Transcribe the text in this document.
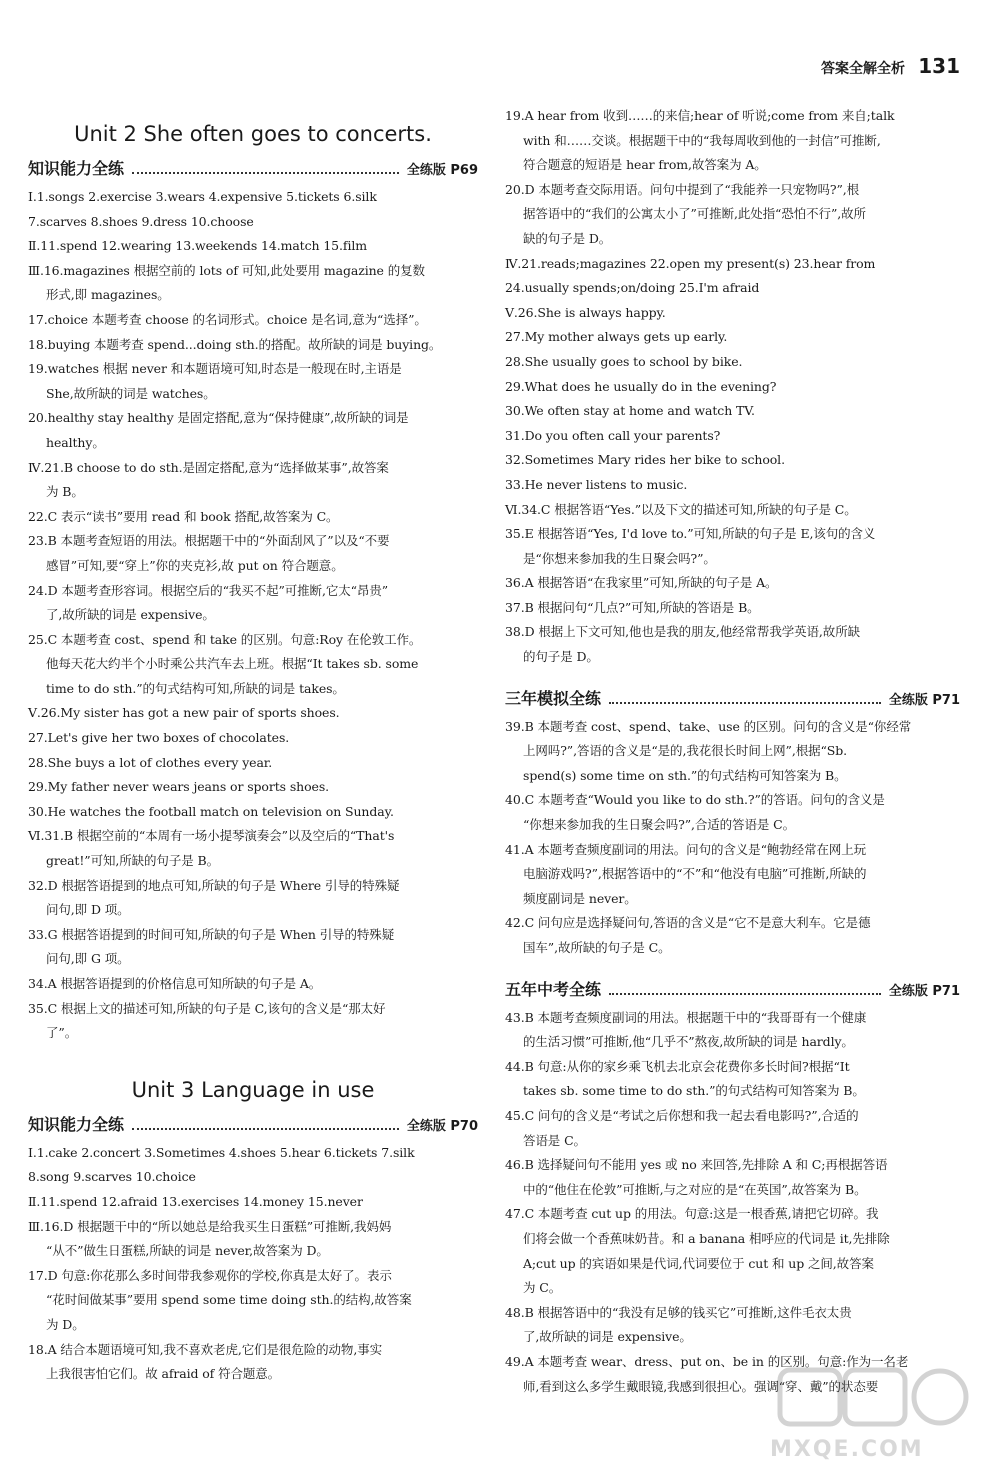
答案全解全析 131
Unit 2 She often goes to concerts.
知识能力全练	全练版 P69
Ⅰ.1.songs 2.exercise 3.wears 4.expensive 5.tickets 6.silk
7.scarves 8.shoes 9.dress 10.choose
Ⅱ.11.spend 12.wearing 13.weekends 14.match 15.film
Ⅲ.16.magazines 根据空前的 lots of 可知,此处要用 magazine 的复数
形式,即 magazines。
17.choice 本题考查 choose 的名词形式。choice 是名词,意为“选择”。
18.buying 本题考查 spend...doing sth.的搭配。故所缺的词是 buying。
19.watches 根据 never 和本题语境可知,时态是一般现在时,主语是
She,故所缺的词是 watches。
20.healthy stay healthy 是固定搭配,意为“保持健康”,故所缺的词是
healthy。
Ⅳ.21.B choose to do sth.是固定搭配,意为“选择做某事”,故答案
为 B。
22.C 表示“读书”要用 read 和 book 搭配,故答案为 C。
23.B 本题考查短语的用法。根据题干中的“外面刮风了”以及“不要
感冒”可知,要“穿上”你的夹克衫,故 put on 符合题意。
24.D 本题考查形容词。根据空后的“我买不起”可推断,它太“昂贵”
了,故所缺的词是 expensive。
25.C 本题考查 cost、spend 和 take 的区别。句意:Roy 在伦敦工作。
他每天花大约半个小时乘公共汽车去上班。根据“It takes sb. some
time to do sth.”的句式结构可知,所缺的词是 takes。
Ⅴ.26.My sister has got a new pair of sports shoes.
27.Let's give her two boxes of chocolates.
28.She buys a lot of clothes every year.
29.My father never wears jeans or sports shoes.
30.He watches the football match on television on Sunday.
Ⅵ.31.B 根据空前的“本周有一场小提琴演奏会”以及空后的“That's
great!”可知,所缺的句子是 B。
32.D 根据答语提到的地点可知,所缺的句子是 Where 引导的特殊疑
问句,即 D 项。
33.G 根据答语提到的时间可知,所缺的句子是 When 引导的特殊疑
问句,即 G 项。
34.A 根据答语提到的价格信息可知所缺的句子是 A。
35.C 根据上文的描述可知,所缺的句子是 C,该句的含义是“那太好
了”。
Unit 3 Language in use
知识能力全练	全练版 P70
Ⅰ.1.cake 2.concert 3.Sometimes 4.shoes 5.hear 6.tickets 7.silk
8.song 9.scarves 10.choice
Ⅱ.11.spend 12.afraid 13.exercises 14.money 15.never
Ⅲ.16.D 根据题干中的“所以她总是给我买生日蛋糕”可推断,我妈妈
“从不”做生日蛋糕,所缺的词是 never,故答案为 D。
17.D 句意:你花那么多时间带我参观你的学校,你真是太好了。表示
“花时间做某事”要用 spend some time doing sth.的结构,故答案
为 D。
18.A 结合本题语境可知,我不喜欢老虎,它们是很危险的动物,事实
上我很害怕它们。故 afraid of 符合题意。
19.A hear from 收到……的来信;hear of 听说;come from 来自;talk
with 和……交谈。根据题干中的“我每周收到他的一封信”可推断,
符合题意的短语是 hear from,故答案为 A。
20.D 本题考查交际用语。问句中提到了“我能养一只宠物吗?”,根
据答语中的“我们的公寓太小了”可推断,此处指“恐怕不行”,故所
缺的句子是 D。
Ⅳ.21.reads;magazines 22.open my present(s) 23.hear from
24.usually spends;on/doing 25.I'm afraid
Ⅴ.26.She is always happy.
27.My mother always gets up early.
28.She usually goes to school by bike.
29.What does he usually do in the evening?
30.We often stay at home and watch TV.
31.Do you often call your parents?
32.Sometimes Mary rides her bike to school.
33.He never listens to music.
Ⅵ.34.C 根据答语“Yes.”以及下文的描述可知,所缺的句子是 C。
35.E 根据答语“Yes, I'd love to.”可知,所缺的句子是 E,该句的含义
是“你想来参加我的生日聚会吗?”。
36.A 根据答语“在我家里”可知,所缺的句子是 A。
37.B 根据问句“几点?”可知,所缺的答语是 B。
38.D 根据上下文可知,他也是我的朋友,他经常帮我学英语,故所缺
的句子是 D。
三年模拟全练	全练版 P71
39.B 本题考查 cost、spend、take、use 的区别。问句的含义是“你经常
上网吗?”,答语的含义是“是的,我花很长时间上网”,根据“Sb.
spend(s) some time on sth.”的句式结构可知答案为 B。
40.C 本题考查“Would you like to do sth.?”的答语。问句的含义是
“你想来参加我的生日聚会吗?”,合适的答语是 C。
41.A 本题考查频度副词的用法。问句的含义是“鲍勃经常在网上玩
电脑游戏吗?”,根据答语中的“不”和“他没有电脑”可推断,所缺的
频度副词是 never。
42.C 问句应是选择疑问句,答语的含义是“它不是意大利车。它是德
国车”,故所缺的句子是 C。
五年中考全练	全练版 P71
43.B 本题考查频度副词的用法。根据题干中的“我哥哥有一个健康
的生活习惯”可推断,他“几乎不”熬夜,故所缺的词是 hardly。
44.B 句意:从你的家乡乘飞机去北京会花费你多长时间?根据“It
takes sb. some time to do sth.”的句式结构可知答案为 B。
45.C 问句的含义是“考试之后你想和我一起去看电影吗?”,合适的
答语是 C。
46.B 选择疑问句不能用 yes 或 no 来回答,先排除 A 和 C;再根据答语
中的“他住在伦敦”可推断,与之对应的是“在英国”,故答案为 B。
47.C 本题考查 cut up 的用法。句意:这是一根香蕉,请把它切碎。我
们将会做一个香蕉味奶昔。和 a banana 相呼应的代词是 it,先排除
A;cut up 的宾语如果是代词,代词要位于 cut 和 up 之间,故答案
为 C。
48.B 根据答语中的“我没有足够的钱买它”可推断,这件毛衣太贵
了,故所缺的词是 expensive。
49.A 本题考查 wear、dress、put on、be in 的区别。句意:作为一名老
师,看到这么多学生戴眼镜,我感到很担心。强调“穿、戴”的状态要
MXQE.COM
